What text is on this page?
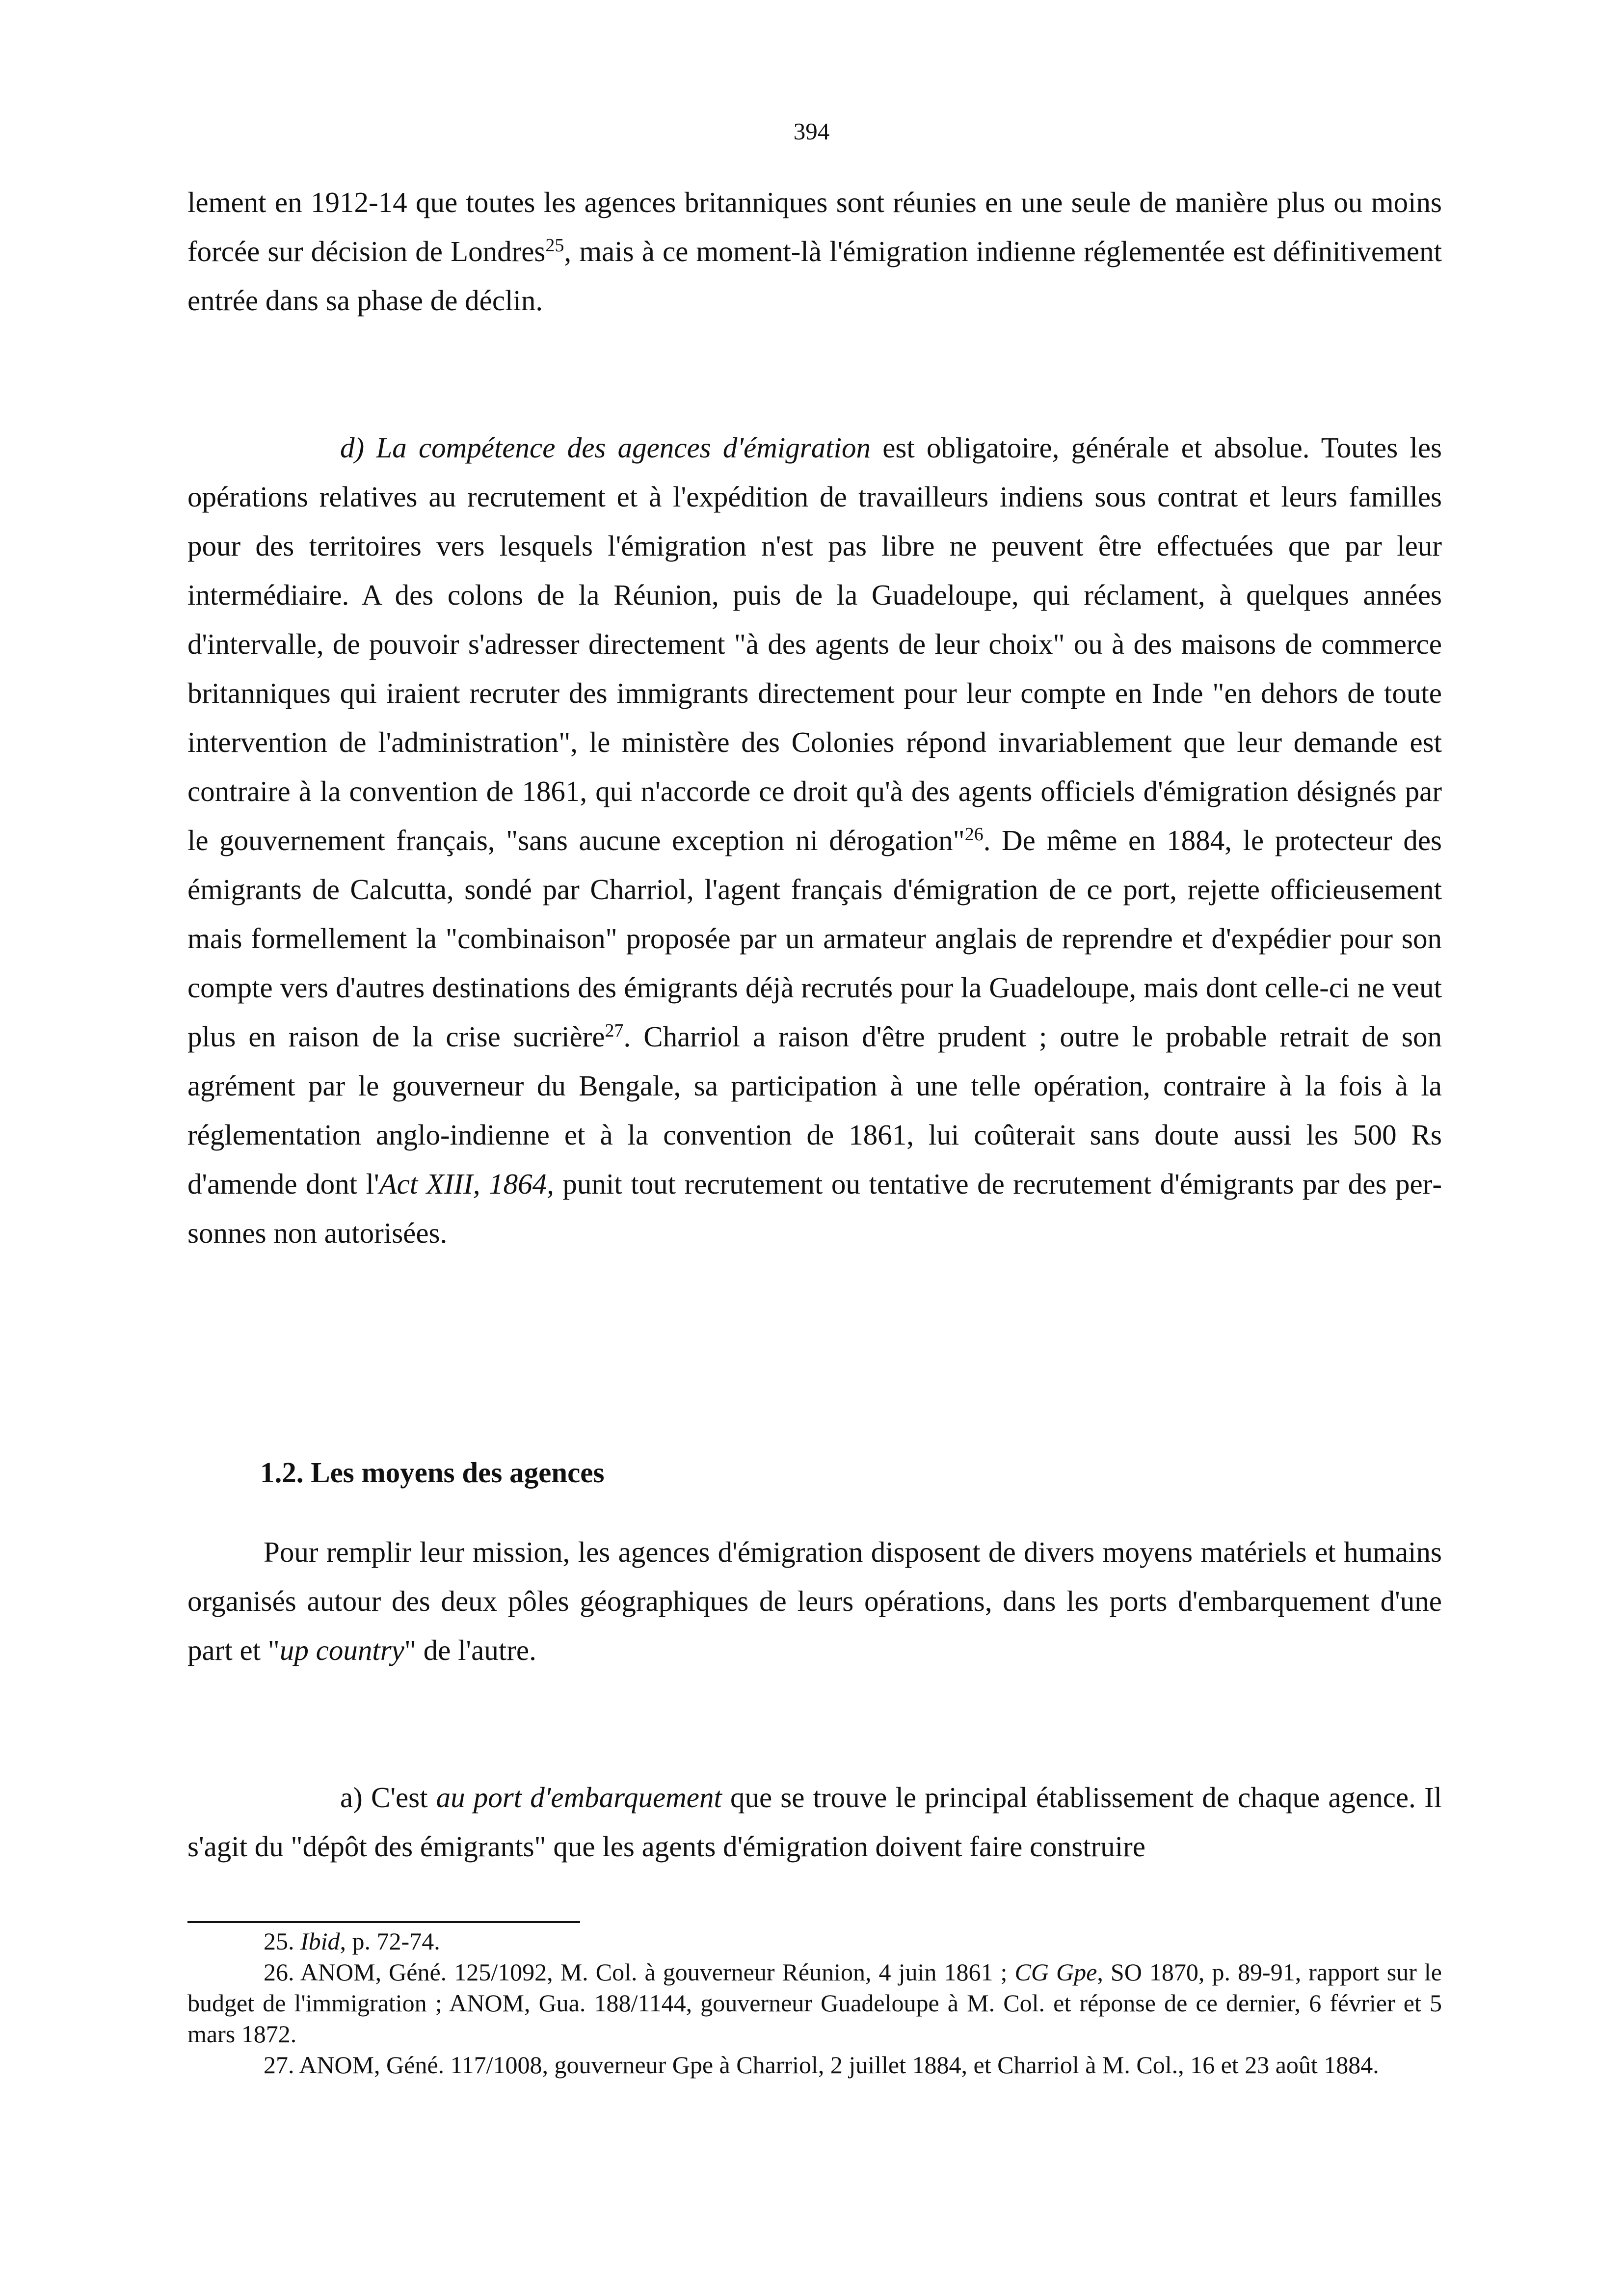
394

lement en 1912-14 que toutes les agences britanniques sont réunies en une seule de manière plus ou moins forcée sur décision de Londres$^{25}$, mais à ce moment-là l'émigration indienne réglementée est définitivement entrée dans sa phase de déclin.

d) La compétence des agences d'émigration est obligatoire, générale et absolue. Toutes les opérations relatives au recrutement et à l'expédition de travailleurs indiens sous contrat et leurs familles pour des territoires vers lesquels l'émigration n'est pas libre ne peuvent être effectuées que par leur intermédiaire. A des colons de la Réunion, puis de la Guadeloupe, qui réclament, à quelques années d'intervalle, de pouvoir s'adresser directement "à des agents de leur choix" ou à des maisons de commerce britanniques qui iraient recruter des immigrants directement pour leur compte en Inde "en dehors de toute intervention de l'administration", le ministère des Colonies répond invariablement que leur demande est contraire à la convention de 1861, qui n'accorde ce droit qu'à des agents officiels d'émigration désignés par le gouvernement français, "sans aucune exception ni dérogation"$^{26}$. De même en 1884, le protecteur des émigrants de Calcutta, sondé par Charriol, l'agent français d'émigration de ce port, rejette officieusement mais formellement la "combinaison" proposée par un armateur anglais de reprendre et d'expédier pour son compte vers d'autres destinations des émigrants déjà recrutés pour la Guadeloupe, mais dont celle-ci ne veut plus en raison de la crise sucrière$^{27}$. Charriol a raison d'être prudent ; outre le probable retrait de son agrément par le gouverneur du Bengale, sa participation à une telle opération, contraire à la fois à la réglementation anglo-indienne et à la convention de 1861, lui coûterait sans doute aussi les 500 Rs d'amende dont l'Act XIII, 1864, punit tout recrutement ou tentative de recrutement d'émigrants par des personnes non autorisées.

1.2. Les moyens des agences

Pour remplir leur mission, les agences d'émigration disposent de divers moyens matériels et humains organisés autour des deux pôles géographiques de leurs opérations, dans les ports d'embarquement d'une part et "up country" de l'autre.

a) C'est au port d'embarquement que se trouve le principal établissement de chaque agence. Il s'agit du "dépôt des émigrants" que les agents d'émigration doivent faire construire

25. Ibid, p. 72-74.

26. ANOM, Géné. 125/1092, M. Col. à gouverneur Réunion, 4 juin 1861 ; CG Gpe, SO 1870, p. 89-91, rapport sur le budget de l'immigration ; ANOM, Gua. 188/1144, gouverneur Guadeloupe à M. Col. et réponse de ce dernier, 6 février et 5 mars 1872.

27. ANOM, Géné. 117/1008, gouverneur Gpe à Charriol, 2 juillet 1884, et Charriol à M. Col., 16 et 23 août 1884.
